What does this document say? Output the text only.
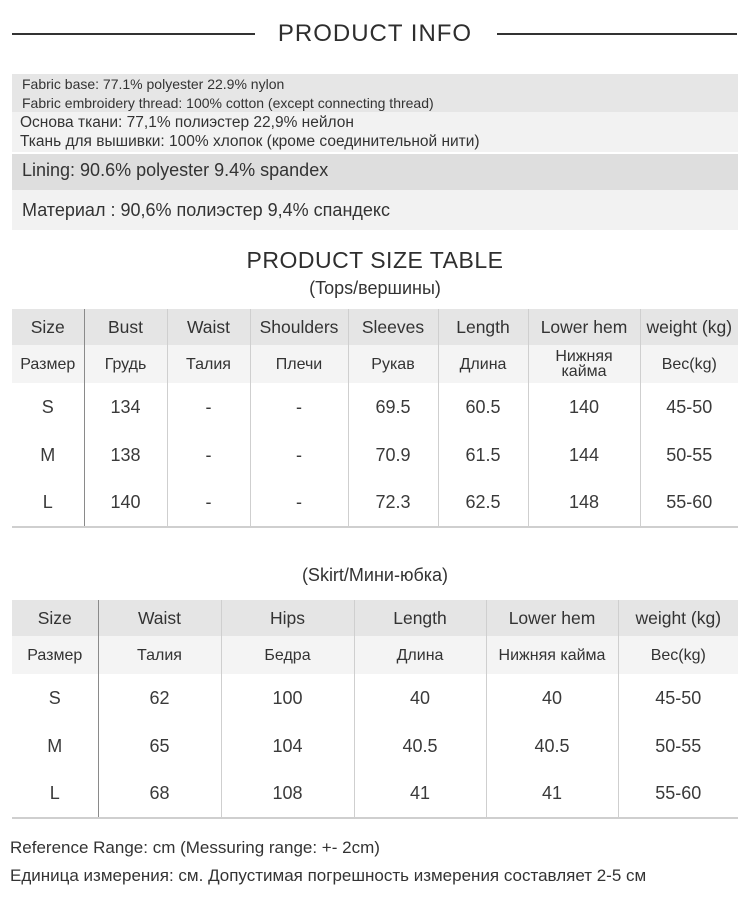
PRODUCT INFO
Fabric base: 77.1% polyester 22.9% nylon
Fabric embroidery thread: 100% cotton (except connecting thread)
Основа ткани: 77,1% полиэстер 22,9% нейлон
Ткань для вышивки: 100% хлопок (кроме соединительной нити)
Lining: 90.6% polyester 9.4% spandex
Материал : 90,6% полиэстер 9,4% спандекс
PRODUCT SIZE TABLE
(Tops/вершины)
Size	Bust	Waist	Shoulders	Sleeves	Length	Lower hem	weight (kg)
Размер	Грудь	Талия	Плечи	Рукав	Длина	Нижняя кайма	Вес(kg)
S	134	-	-	69.5	60.5	140	45-50
M	138	-	-	70.9	61.5	144	50-55
L	140	-	-	72.3	62.5	148	55-60
(Skirt/Мини-юбка)
Size	Waist	Hips	Length	Lower hem	weight (kg)
Размер	Талия	Бедра	Длина	Нижняя кайма	Вес(kg)
S	62	100	40	40	45-50
M	65	104	40.5	40.5	50-55
L	68	108	41	41	55-60
Reference Range: cm (Messuring range: +- 2cm)
Единица измерения: см. Допустимая погрешность измерения составляет 2-5 см
